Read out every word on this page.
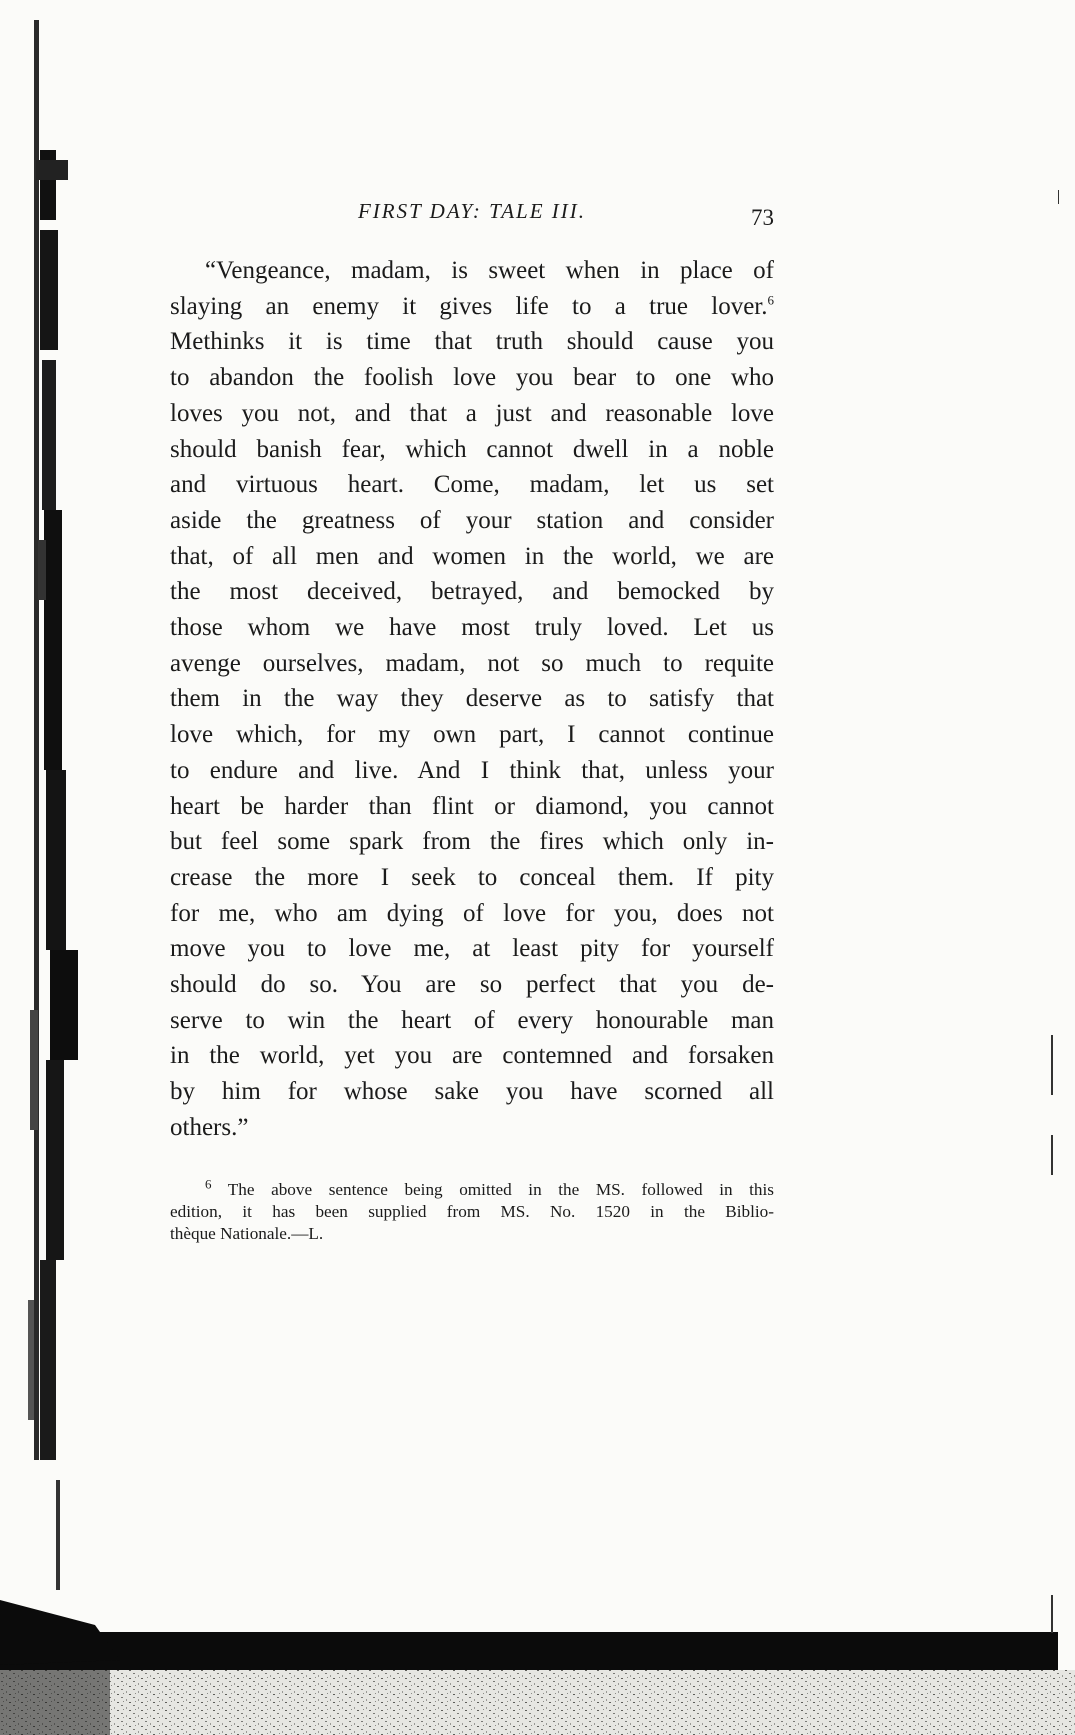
FIRST DAY: TALE III.	73
“Vengeance, madam, is sweet when in place of
slaying an enemy it gives life to a true lover.$^6$
Methinks it is time that truth should cause you
to abandon the foolish love you bear to one who
loves you not, and that a just and reasonable love
should banish fear, which cannot dwell in a noble
and virtuous heart. Come, madam, let us set
aside the greatness of your station and consider
that, of all men and women in the world, we are
the most deceived, betrayed, and bemocked by
those whom we have most truly loved. Let us
avenge ourselves, madam, not so much to requite
them in the way they deserve as to satisfy that
love which, for my own part, I cannot continue
to endure and live. And I think that, unless your
heart be harder than flint or diamond, you cannot
but feel some spark from the fires which only in-
crease the more I seek to conceal them. If pity
for me, who am dying of love for you, does not
move you to love me, at least pity for yourself
should do so. You are so perfect that you de-
serve to win the heart of every honourable man
in the world, yet you are contemned and forsaken
by him for whose sake you have scorned all
others.”
$^6$ The above sentence being omitted in the MS. followed in this
edition, it has been supplied from MS. No. 1520 in the Biblio-
thèque Nationale.—L.
